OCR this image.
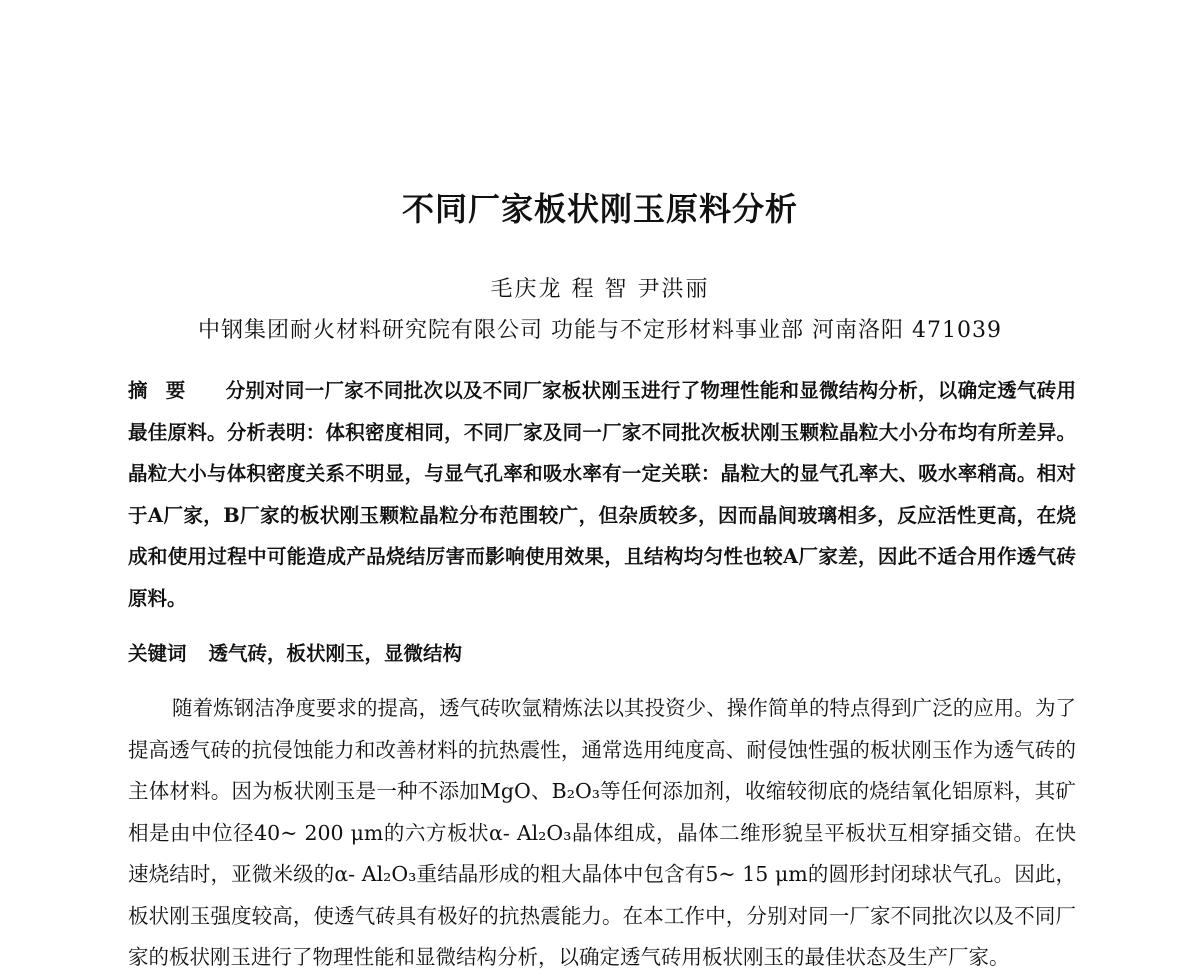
不同厂家板状刚玉原料分析
毛庆龙 程 智 尹洪丽
中钢集团耐火材料研究院有限公司 功能与不定形材料事业部 河南洛阳 471039
摘要 分别对同一厂家不同批次以及不同厂家板状刚玉进行了物理性能和显微结构分析，以确定透气砖用最佳原料。分析表明：体积密度相同，不同厂家及同一厂家不同批次板状刚玉颗粒晶粒大小分布均有所差异。晶粒大小与体积密度关系不明显，与显气孔率和吸水率有一定关联：晶粒大的显气孔率大、吸水率稍高。相对于A厂家，B厂家的板状刚玉颗粒晶粒分布范围较广，但杂质较多，因而晶间玻璃相多，反应活性更高，在烧成和使用过程中可能造成产品烧结厉害而影响使用效果，且结构均匀性也较A厂家差，因此不适合用作透气砖原料。
关键词 透气砖，板状刚玉，显微结构
随着炼钢洁净度要求的提高，透气砖吹氩精炼法以其投资少、操作简单的特点得到广泛的应用。为了提高透气砖的抗侵蚀能力和改善材料的抗热震性，通常选用纯度高、耐侵蚀性强的板状刚玉作为透气砖的主体材料。因为板状刚玉是一种不添加MgO、B₂O₃等任何添加剂，收缩较彻底的烧结氧化铝原料，其矿相是由中位径40~ 200 μm的六方板状α- Al₂O₃晶体组成，晶体二维形貌呈平板状互相穿插交错。在快速烧结时，亚微米级的α- Al₂O₃重结晶形成的粗大晶体中包含有5~ 15 μm的圆形封闭球状气孔。因此，板状刚玉强度较高，使透气砖具有极好的抗热震能力。在本工作中，分别对同一厂家不同批次以及不同厂家的板状刚玉进行了物理性能和显微结构分析，以确定透气砖用板状刚玉的最佳状态及生产厂家。
